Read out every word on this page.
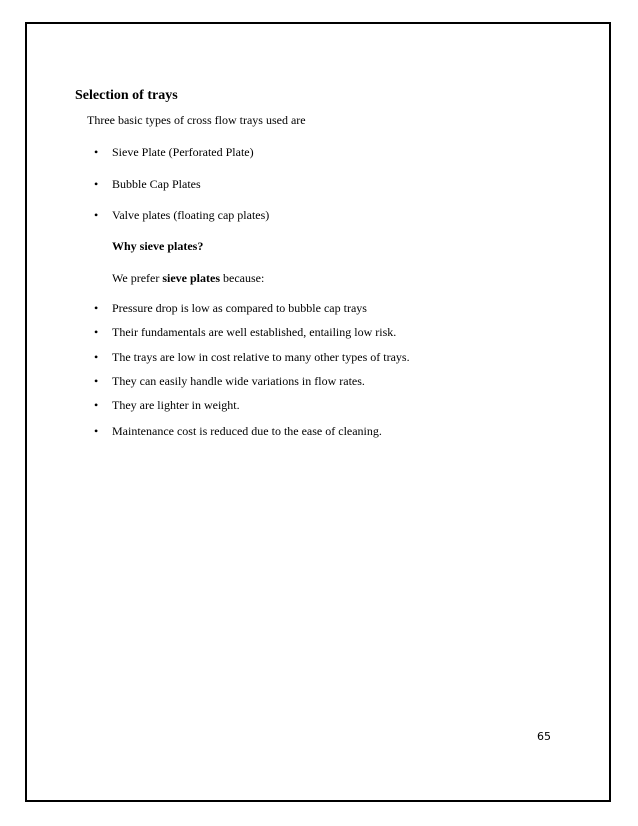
Selection of trays
Three basic types of cross flow trays used are
• Sieve Plate (Perforated Plate)
• Bubble Cap Plates
• Valve plates (floating cap plates)
Why sieve plates?
We prefer sieve plates because:
• Pressure drop is low as compared to bubble cap trays
• Their fundamentals are well established, entailing low risk.
• The trays are low in cost relative to many other types of trays.
• They can easily handle wide variations in flow rates.
• They are lighter in weight.
• Maintenance cost is reduced due to the ease of cleaning.
65
